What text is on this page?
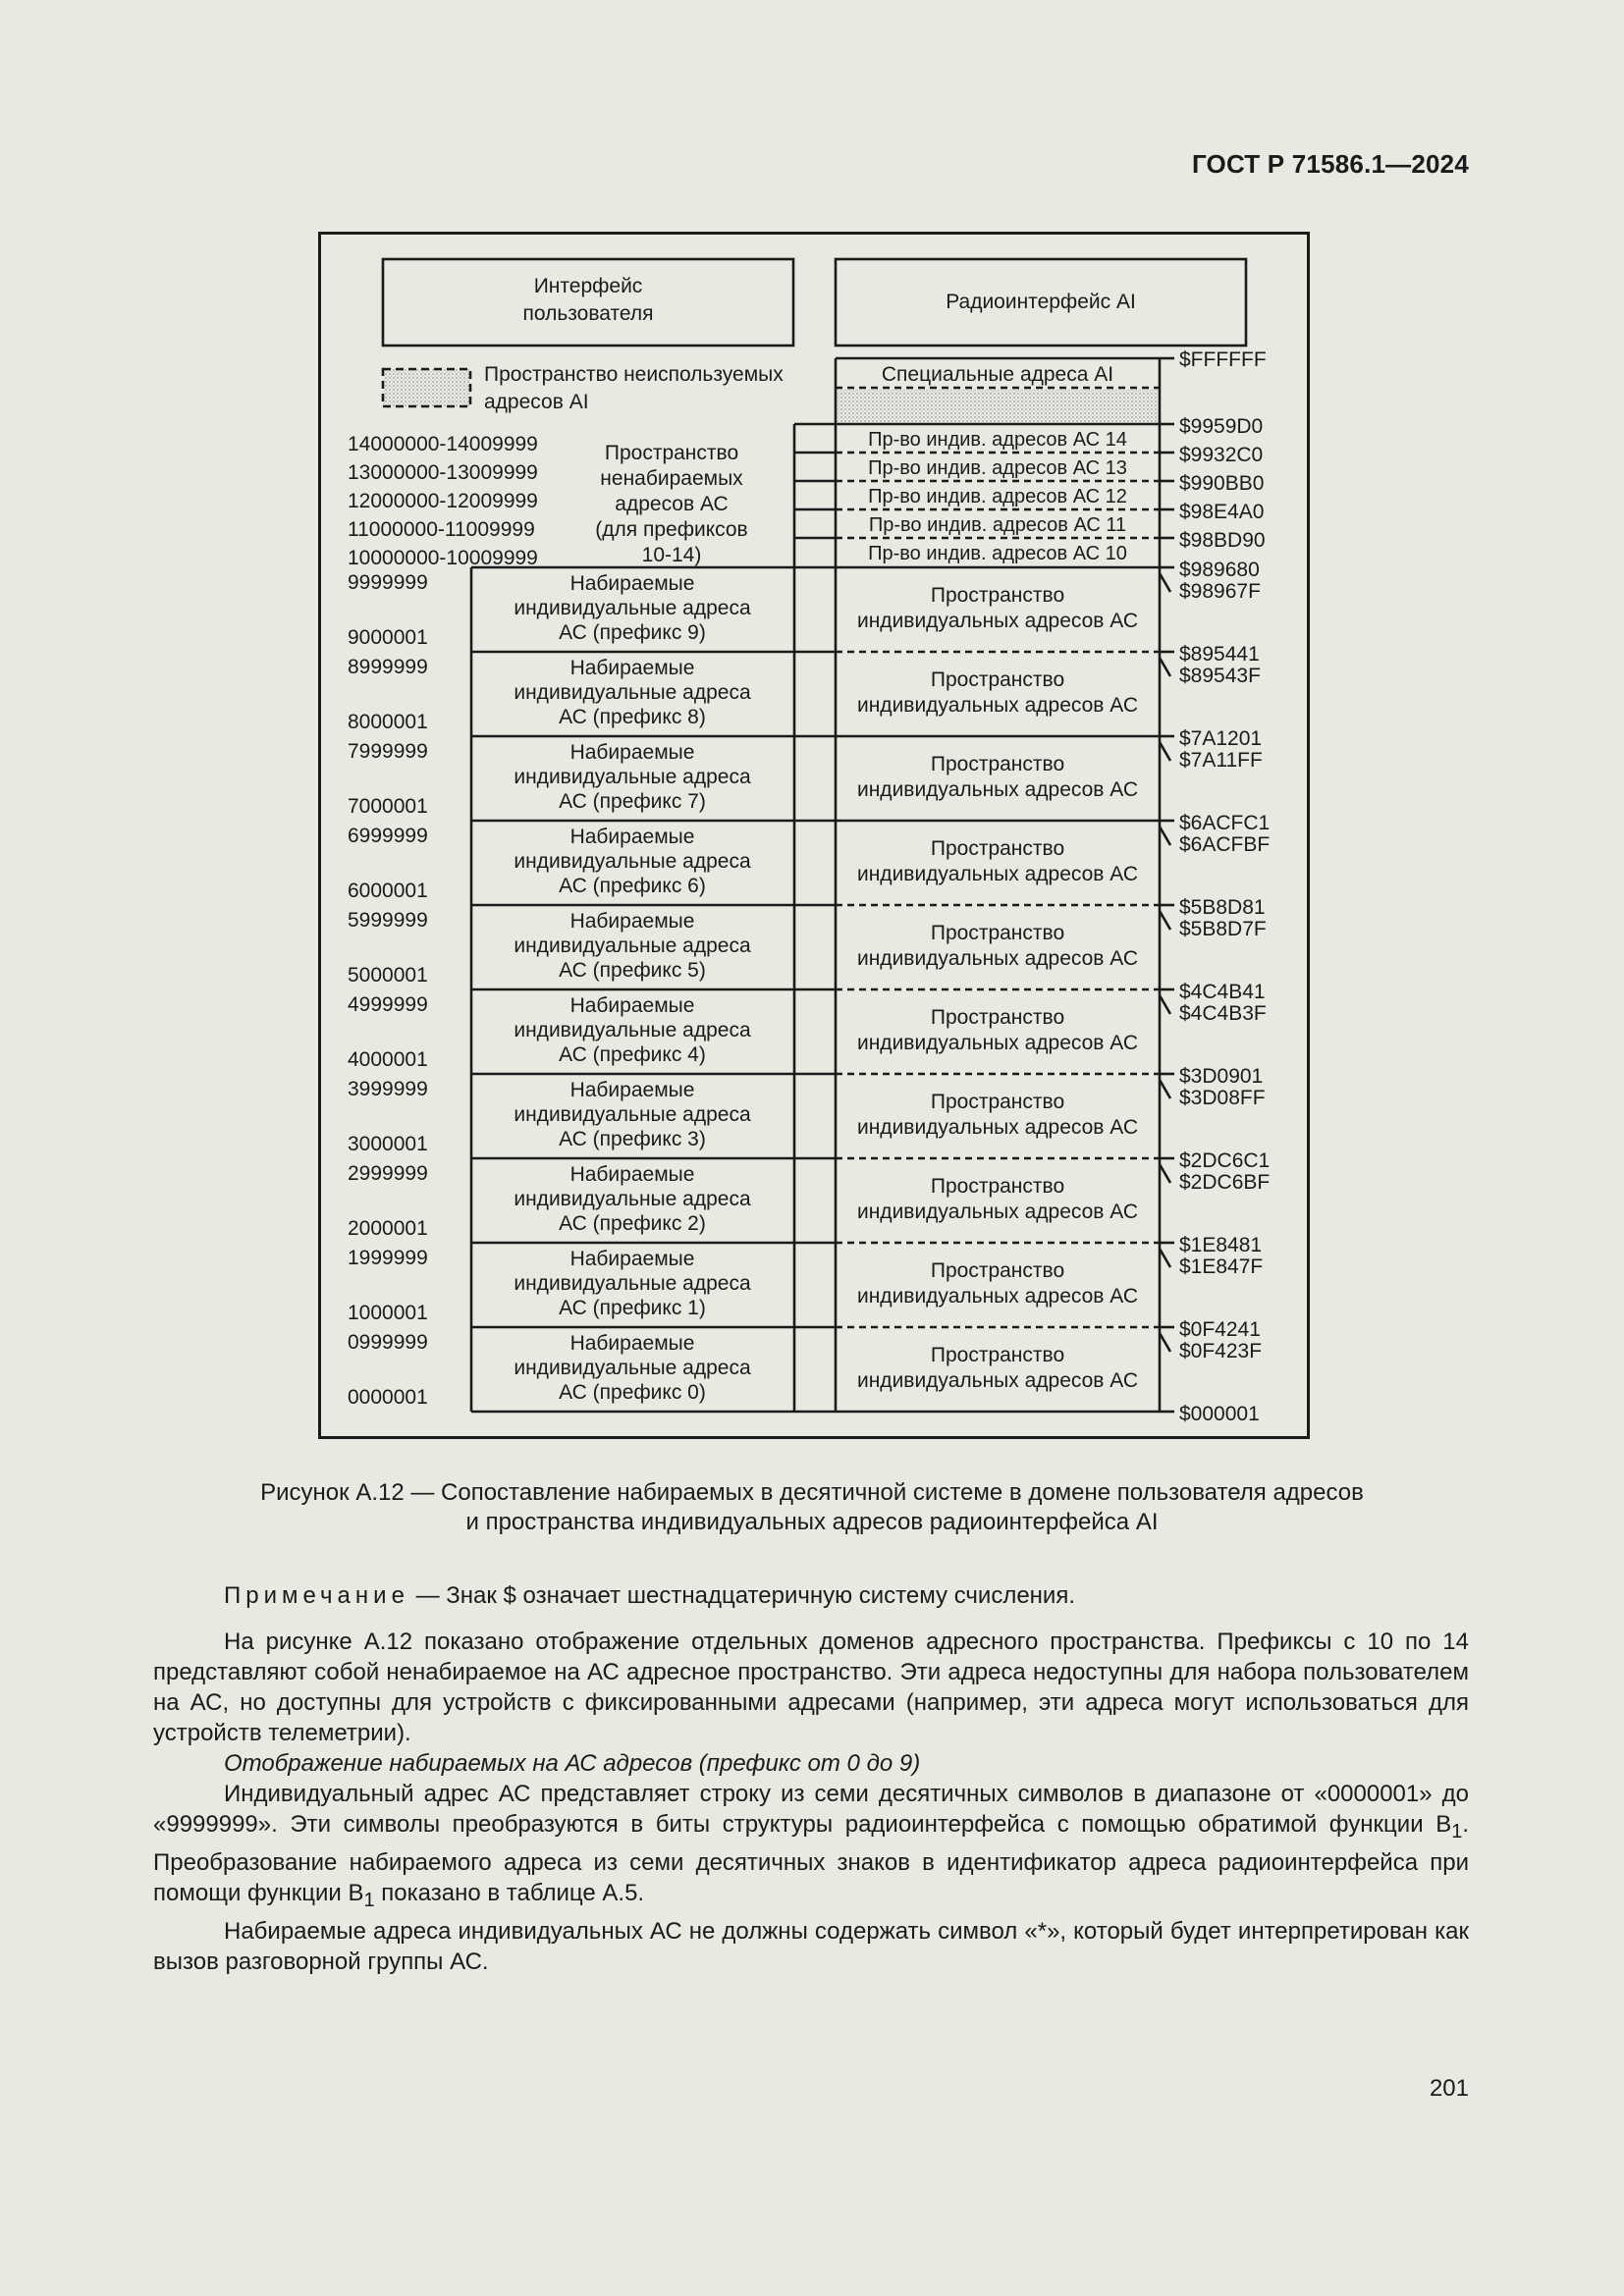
ГОСТ Р 71586.1—2024
Интерфейс
пользователя
Радиоинтерфейс AI
Пространство неиспользуемых
адресов AI
$FFFFFF
Специальные адреса AI
$9959D0
$9932C0
$990BB0
$98E4A0
$98BD90
$989680
Пр-во индив. адресов АС 14
14000000-14009999
Пр-во индив. адресов АС 13
13000000-13009999
Пр-во индив. адресов АС 12
12000000-12009999
Пр-во индив. адресов АС 11
11000000-11009999
Пр-во индив. адресов АС 10
10000000-10009999
Пространство
ненабираемых
адресов АС
(для префиксов
10-14)
Набираемые
индивидуальные адреса
АС (префикс 9)
9999999
9000001
Пространство
индивидуальных адресов АС
$895441
$98967F
Набираемые
индивидуальные адреса
АС (префикс 8)
8999999
8000001
Пространство
индивидуальных адресов АС
$7A1201
$89543F
Набираемые
индивидуальные адреса
АС (префикс 7)
7999999
7000001
Пространство
индивидуальных адресов АС
$6ACFC1
$7A11FF
Набираемые
индивидуальные адреса
АС (префикс 6)
6999999
6000001
Пространство
индивидуальных адресов АС
$5B8D81
$6ACFBF
Набираемые
индивидуальные адреса
АС (префикс 5)
5999999
5000001
Пространство
индивидуальных адресов АС
$4C4B41
$5B8D7F
Набираемые
индивидуальные адреса
АС (префикс 4)
4999999
4000001
Пространство
индивидуальных адресов АС
$3D0901
$4C4B3F
Набираемые
индивидуальные адреса
АС (префикс 3)
3999999
3000001
Пространство
индивидуальных адресов АС
$2DC6C1
$3D08FF
Набираемые
индивидуальные адреса
АС (префикс 2)
2999999
2000001
Пространство
индивидуальных адресов АС
$1E8481
$2DC6BF
Набираемые
индивидуальные адреса
АС (префикс 1)
1999999
1000001
Пространство
индивидуальных адресов АС
$0F4241
$1E847F
Набираемые
индивидуальные адреса
АС (префикс 0)
0999999
0000001
Пространство
индивидуальных адресов АС
$000001
$0F423F
Рисунок А.12 — Сопоставление набираемых в десятичной системе в домене пользователя адресов
и пространства индивидуальных адресов радиоинтерфейса AI
Примечание — Знак $ означает шестнадцатеричную систему счисления.

На рисунке А.12 показано отображение отдельных доменов адресного пространства. Префиксы с 10 по 14 представляют собой ненабираемое на АС адресное пространство. Эти адреса недоступны для набора пользователем на АС, но доступны для устройств с фиксированными адресами (например, эти адреса могут использоваться для устройств телеметрии).

Отображение набираемых на АС адресов (префикс от 0 до 9)

Индивидуальный адрес АС представляет строку из семи десятичных символов в диапазоне от «0000001» до «9999999». Эти символы преобразуются в биты структуры радиоинтерфейса с помощью обратимой функции $B_1$. Преобразование набираемого адреса из семи десятичных знаков в идентификатор адреса радиоинтерфейса при помощи функции $B_1$ показано в таблице А.5.

Набираемые адреса индивидуальных АС не должны содержать символ «*», который будет интерпретирован как вызов разговорной группы АС.

201
